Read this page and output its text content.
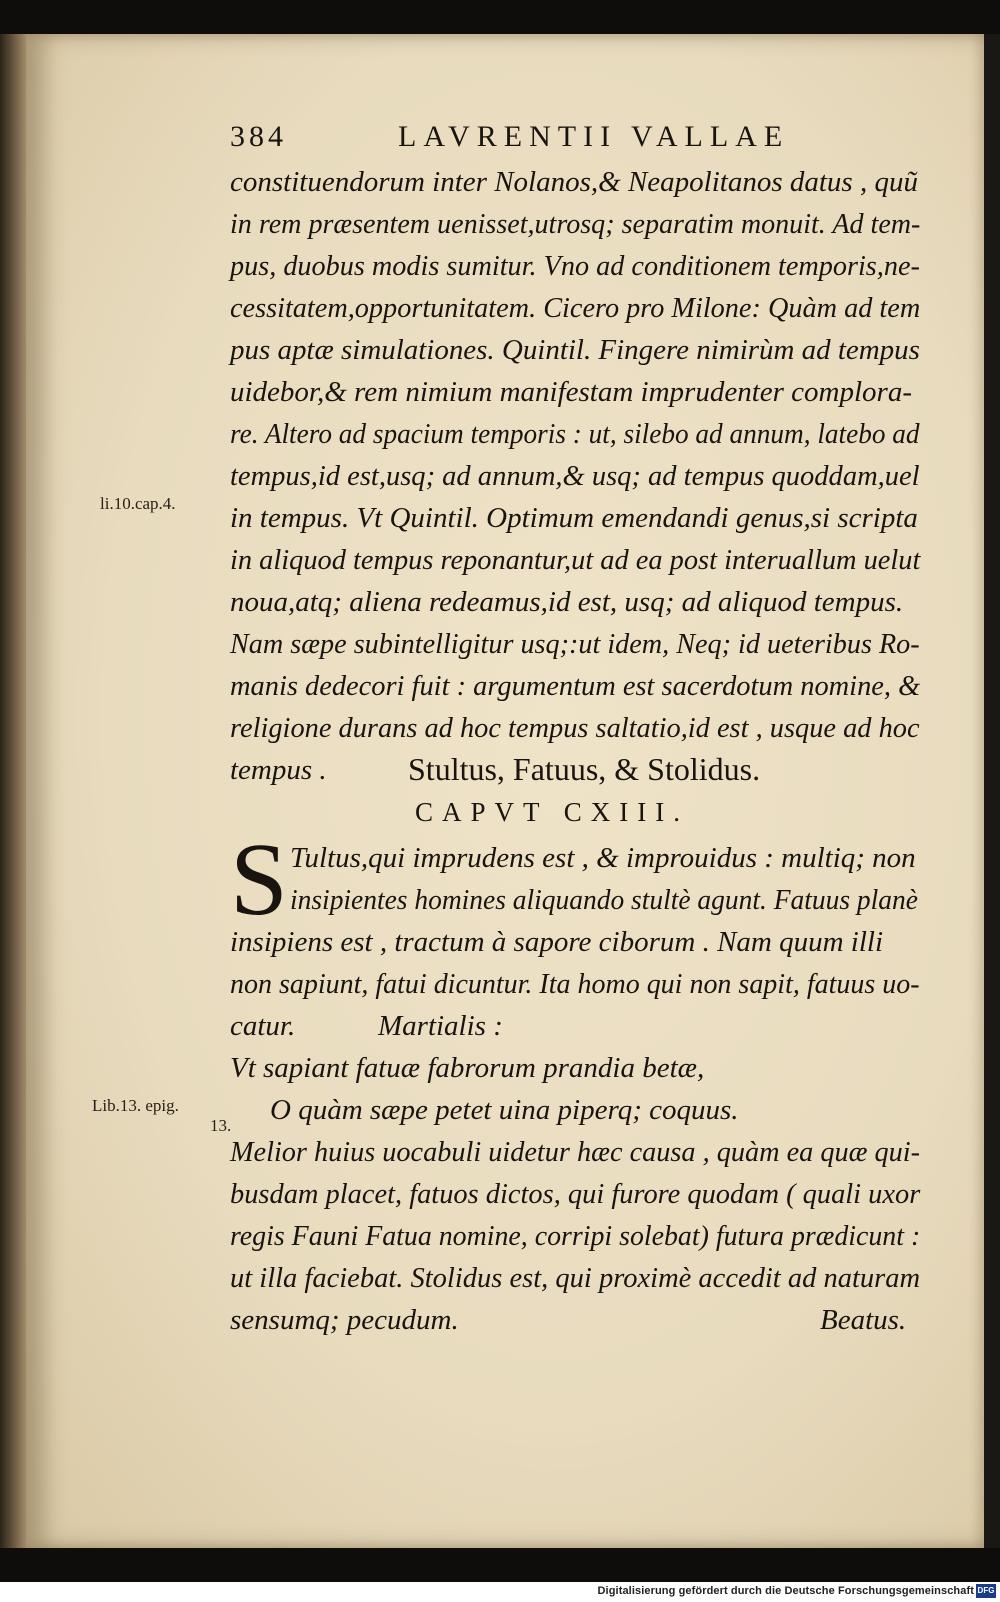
384	LAVRENTII VALLAE
constituendorum inter Nolanos,& Neapolitanos datus , quũ
in rem præsentem uenisset,utrosq; separatim monuit. Ad tem-
pus, duobus modis sumitur. Vno ad conditionem temporis,ne-
cessitatem,opportunitatem. Cicero pro Milone: Quàm ad tem
pus aptæ simulationes. Quintil. Fingere nimirùm ad tempus
uidebor,& rem nimium manifestam imprudenter complora-
re. Altero ad spacium temporis : ut, silebo ad annum, latebo ad
tempus,id est,usq; ad annum,& usq; ad tempus quoddam,uel
in tempus. Vt Quintil. Optimum emendandi genus,si scripta
in aliquod tempus reponantur,ut ad ea post interuallum uelut
noua,atq; aliena redeamus,id est, usq; ad aliquod tempus.
Nam sæpe subintelligitur usq;:ut idem, Neq; id ueteribus Ro-
manis dedecori fuit : argumentum est sacerdotum nomine, &
religione durans ad hoc tempus saltatio,id est , usque ad hoc
tempus .	Stultus, Fatuus, & Stolidus.
CAPVT CXIII.
S Tultus,qui imprudens est , & improuidus : multiq; non
insipientes homines aliquando stultè agunt. Fatuus planè
insipiens est , tractum à sapore ciborum . Nam quum illi
non sapiunt, fatui dicuntur. Ita homo qui non sapit, fatuus uo-
catur.	Martialis :
Vt sapiant fatuæ fabrorum prandia betæ,
O quàm sæpe petet uina piperq; coquus.
Melior huius uocabuli uidetur hæc causa , quàm ea quæ qui-
busdam placet, fatuos dictos, qui furore quodam ( quali uxor
regis Fauni Fatua nomine, corripi solebat) futura prædicunt :
ut illa faciebat. Stolidus est, qui proximè accedit ad naturam
sensumq; pecudum.	Beatus.
li.10.cap.4.
Lib.13. epig.
13.
Digitalisierung gefördert durch die Deutsche Forschungsgemeinschaft DFG
